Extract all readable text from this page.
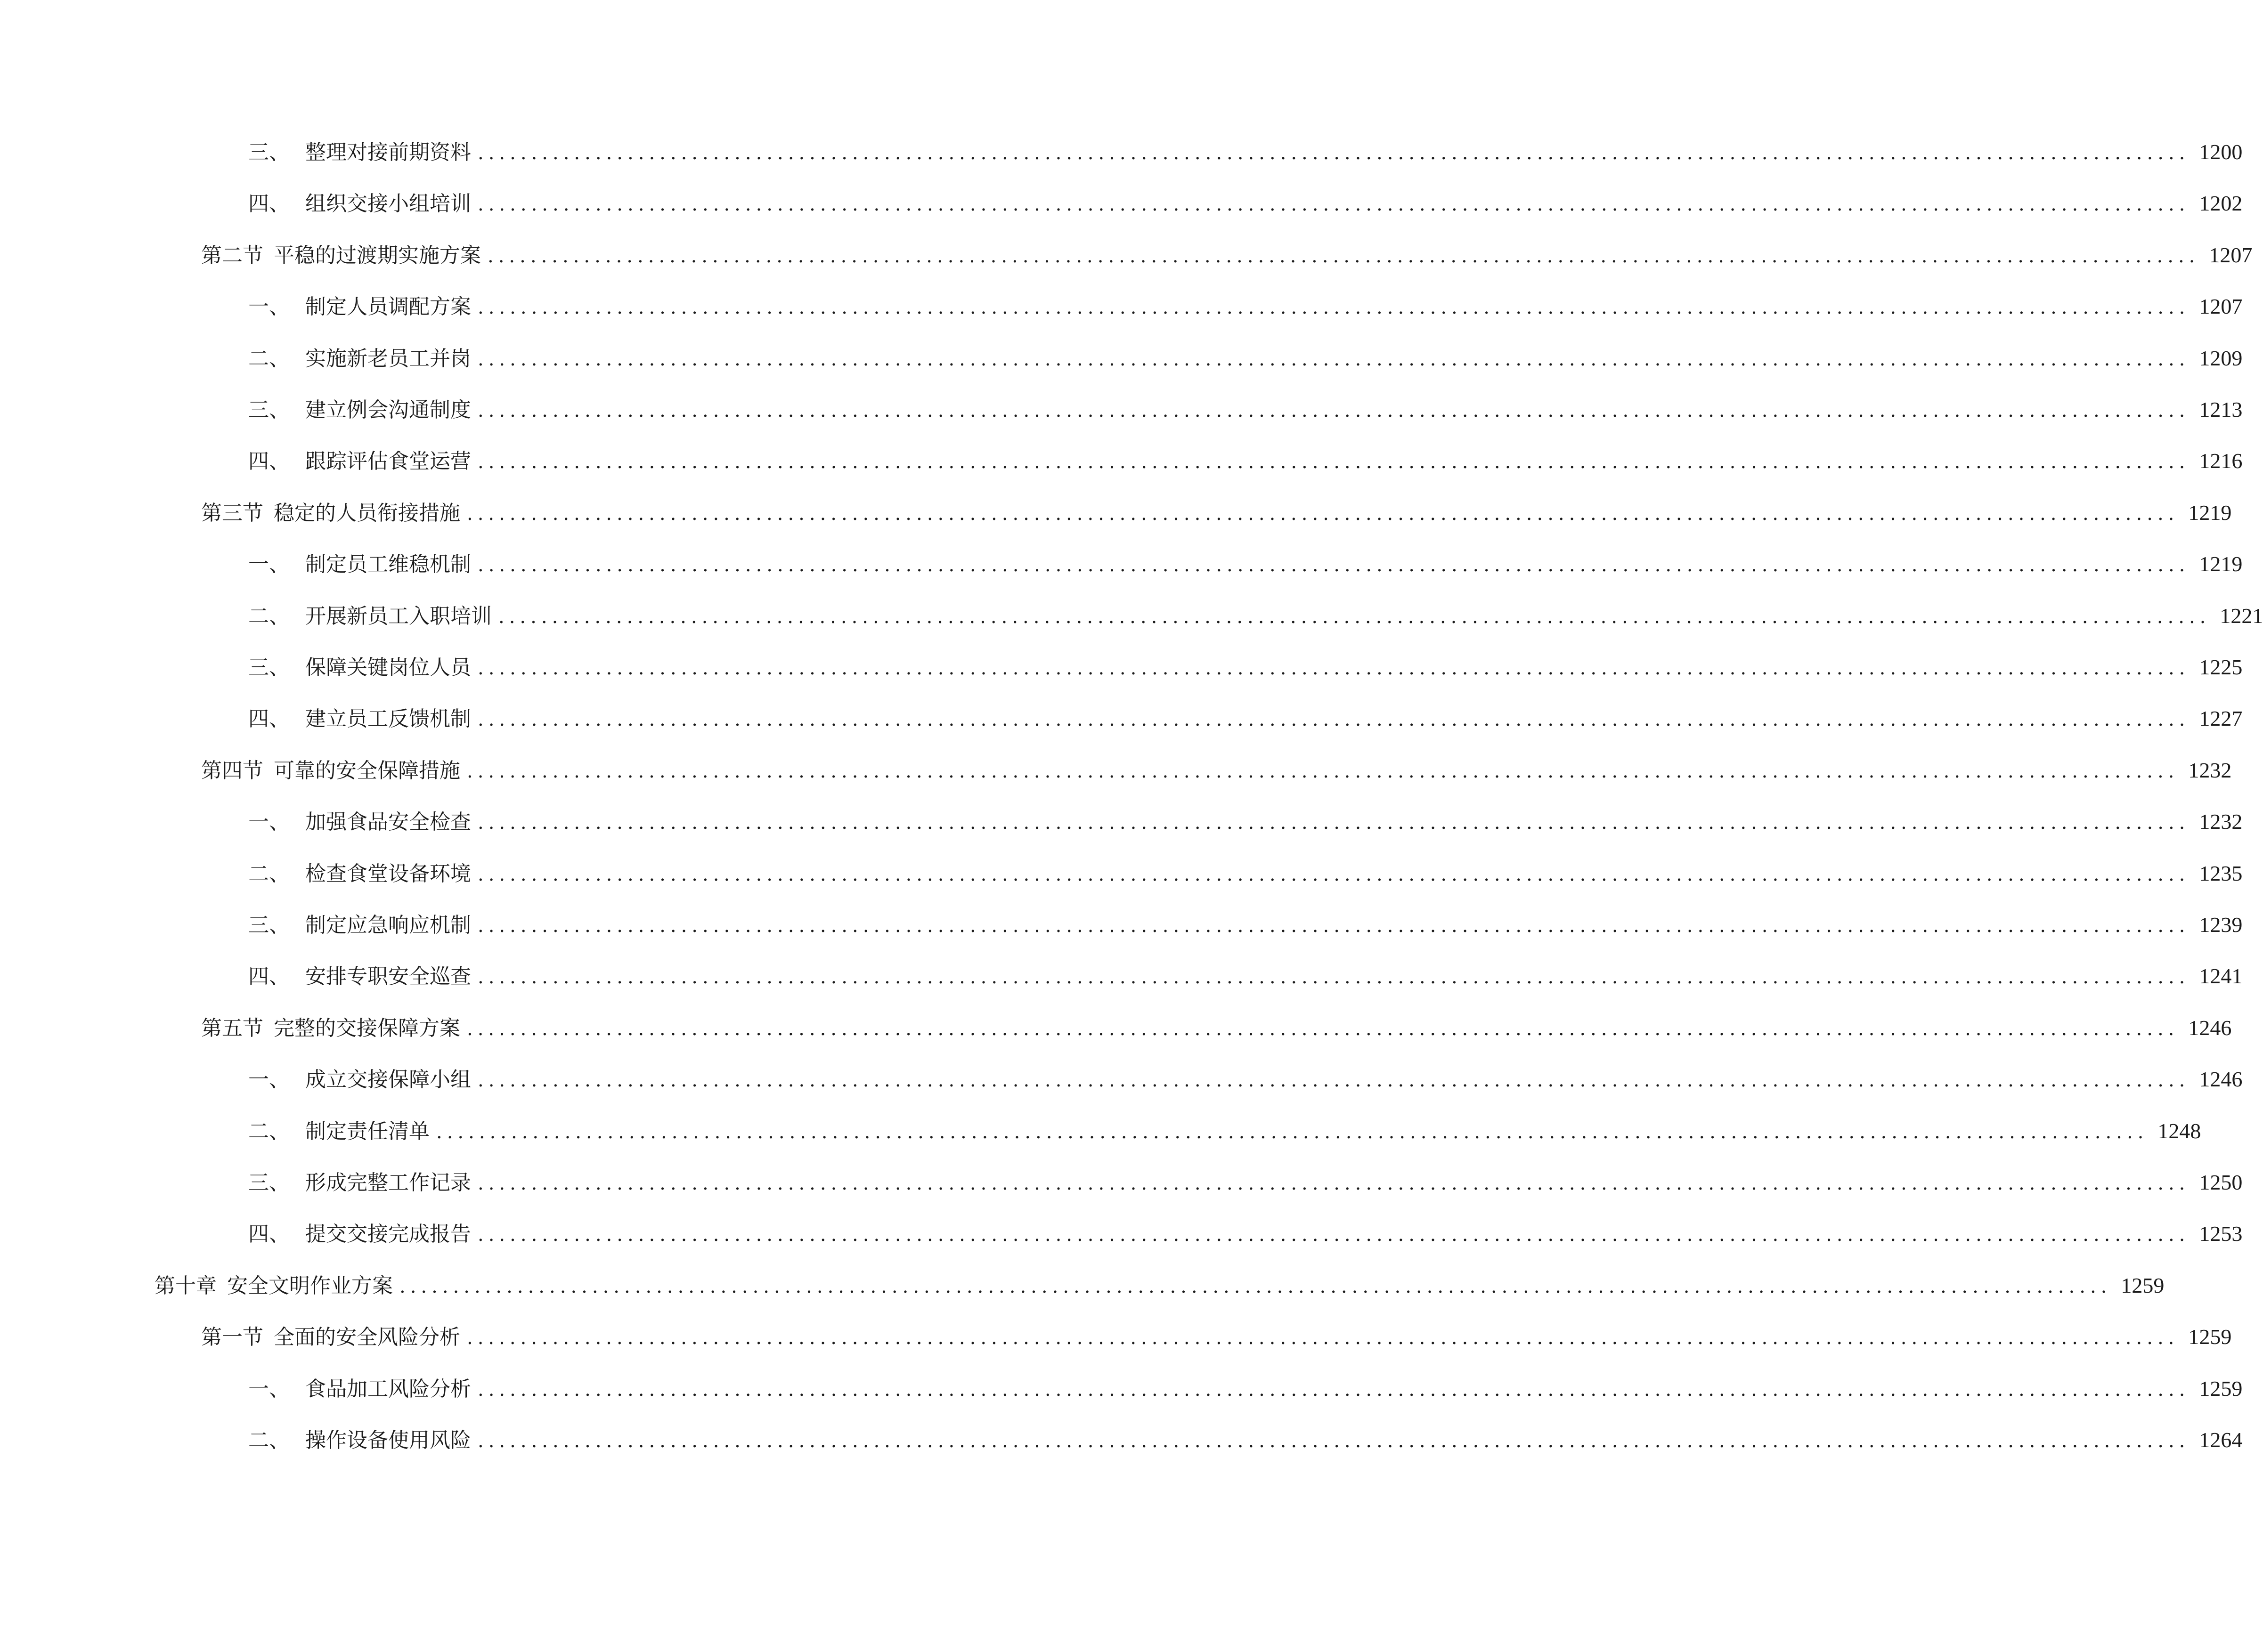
三、 整理对接前期资料 ................................................................................................................................................................ 1200
四、 组织交接小组培训 ................................................................................................................................................................ 1202
第二节 平稳的过渡期实施方案 ................................................................................................................................................................ 1207
一、 制定人员调配方案 ................................................................................................................................................................ 1207
二、 实施新老员工并岗 ................................................................................................................................................................ 1209
三、 建立例会沟通制度 ................................................................................................................................................................ 1213
四、 跟踪评估食堂运营 ................................................................................................................................................................ 1216
第三节 稳定的人员衔接措施 ................................................................................................................................................................ 1219
一、 制定员工维稳机制 ................................................................................................................................................................ 1219
二、 开展新员工入职培训 ................................................................................................................................................................ 1221
三、 保障关键岗位人员 ................................................................................................................................................................ 1225
四、 建立员工反馈机制 ................................................................................................................................................................ 1227
第四节 可靠的安全保障措施 ................................................................................................................................................................ 1232
一、 加强食品安全检查 ................................................................................................................................................................ 1232
二、 检查食堂设备环境 ................................................................................................................................................................ 1235
三、 制定应急响应机制 ................................................................................................................................................................ 1239
四、 安排专职安全巡查 ................................................................................................................................................................ 1241
第五节 完整的交接保障方案 ................................................................................................................................................................ 1246
一、 成立交接保障小组 ................................................................................................................................................................ 1246
二、 制定责任清单 ................................................................................................................................................................ 1248
三、 形成完整工作记录 ................................................................................................................................................................ 1250
四、 提交交接完成报告 ................................................................................................................................................................ 1253
第十章 安全文明作业方案 ................................................................................................................................................................ 1259
第一节 全面的安全风险分析 ................................................................................................................................................................ 1259
一、 食品加工风险分析 ................................................................................................................................................................ 1259
二、 操作设备使用风险 ................................................................................................................................................................ 1264
